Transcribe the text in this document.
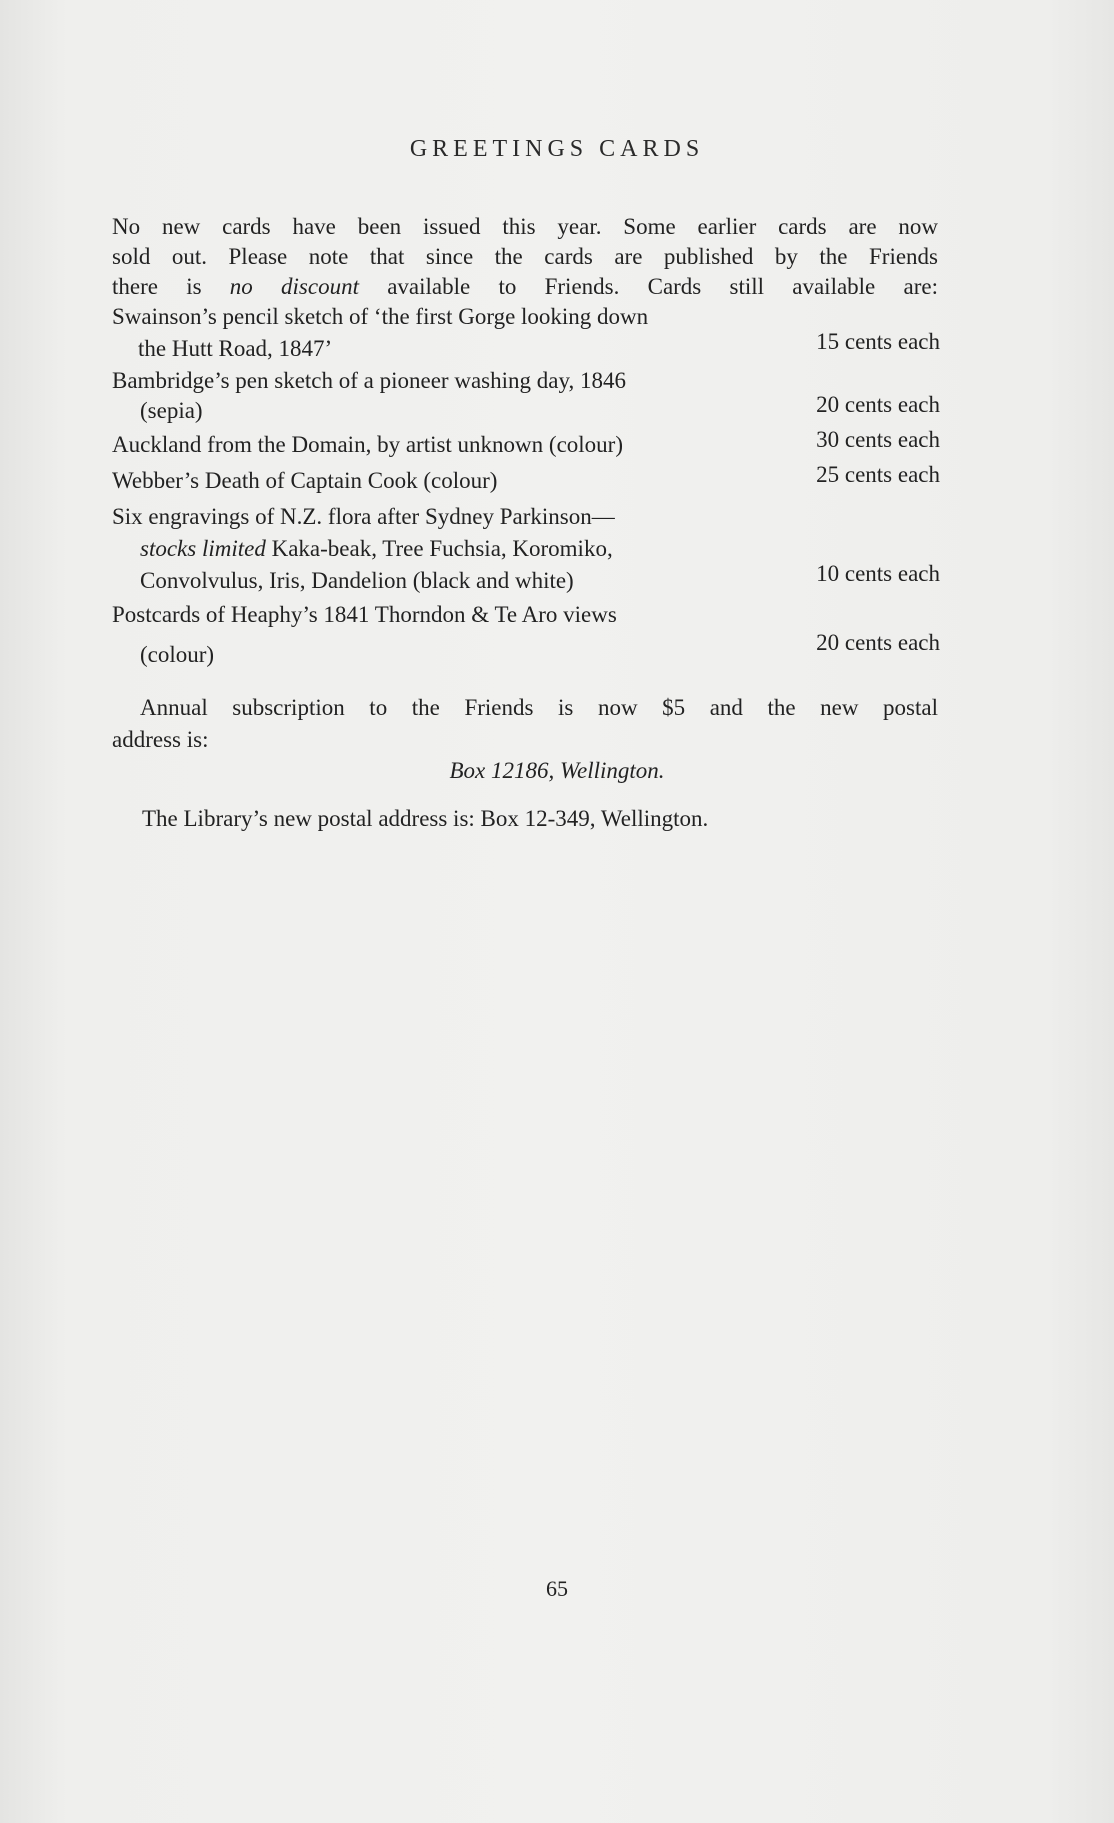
GREETINGS CARDS
No new cards have been issued this year. Some earlier cards are now
sold out. Please note that since the cards are published by the Friends
there is no discount available to Friends. Cards still available are:
Swainson’s pencil sketch of ‘the first Gorge looking down
the Hutt Road, 1847’	15 cents each
Bambridge’s pen sketch of a pioneer washing day, 1846
(sepia)	20 cents each
Auckland from the Domain, by artist unknown (colour)	30 cents each
Webber’s Death of Captain Cook (colour)	25 cents each
Six engravings of N.Z. flora after Sydney Parkinson—
stocks limited Kaka-beak, Tree Fuchsia, Koromiko,
Convolvulus, Iris, Dandelion (black and white)	10 cents each
Postcards of Heaphy’s 1841 Thorndon & Te Aro views
(colour)	20 cents each
Annual subscription to the Friends is now $5 and the new postal
address is:
Box 12186, Wellington.
The Library’s new postal address is: Box 12-349, Wellington.
65
